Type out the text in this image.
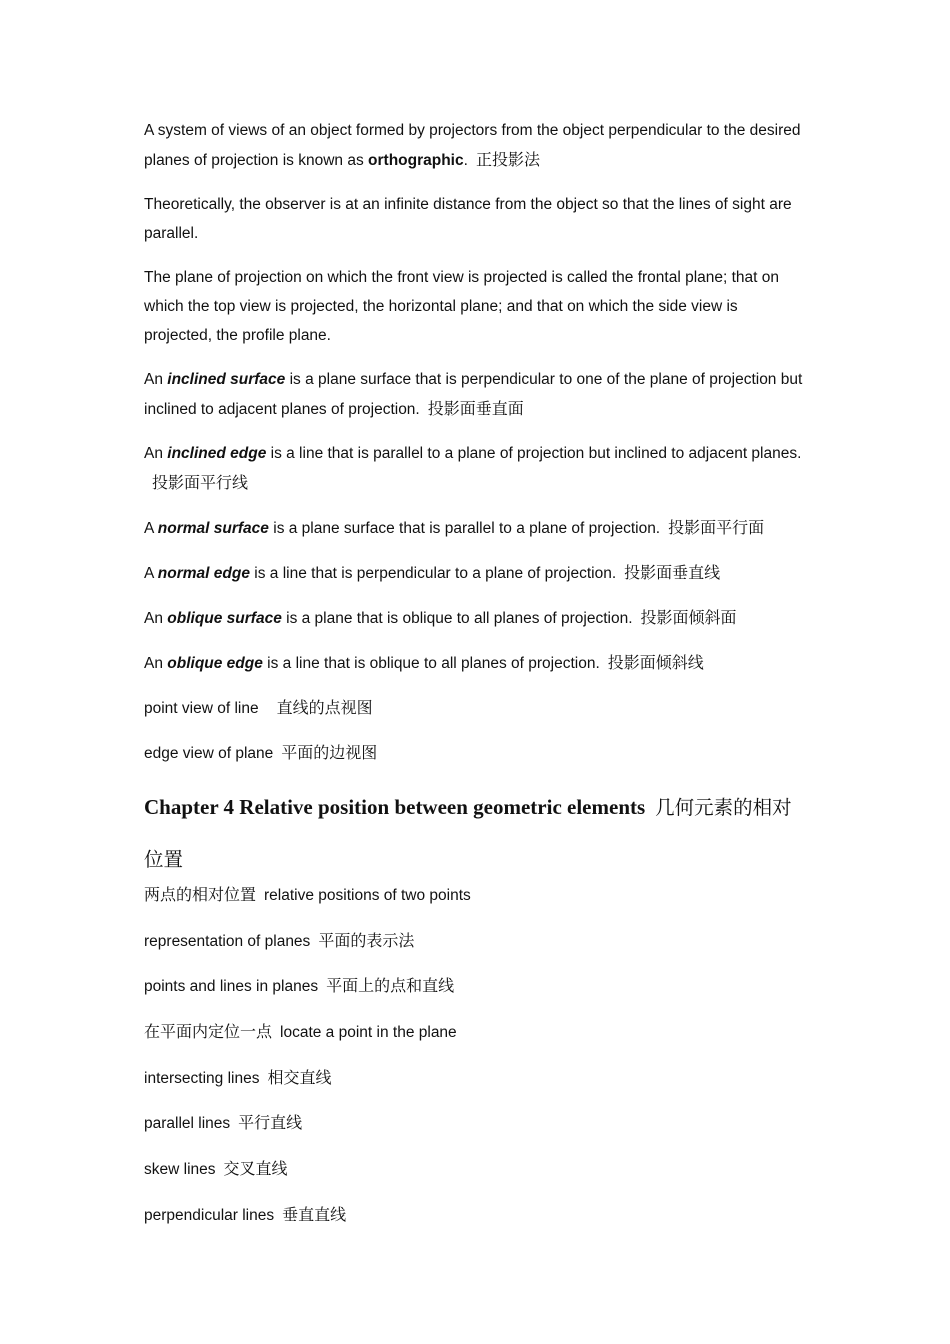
A system of views of an object formed by projectors from the object perpendicular to the desired planes of projection is known as orthographic. 正投影法

Theoretically, the observer is at an infinite distance from the object so that the lines of sight are parallel.

The plane of projection on which the front view is projected is called the frontal plane; that on which the top view is projected, the horizontal plane; and that on which the side view is projected, the profile plane.

An inclined surface is a plane surface that is perpendicular to one of the plane of projection but inclined to adjacent planes of projection. 投影面垂直面

An inclined edge is a line that is parallel to a plane of projection but inclined to adjacent planes.投影面平行线

A normal surface is a plane surface that is parallel to a plane of projection. 投影面平行面

A normal edge is a line that is perpendicular to a plane of projection. 投影面垂直线

An oblique surface is a plane that is oblique to all planes of projection. 投影面倾斜面

An oblique edge is a line that is oblique to all planes of projection. 投影面倾斜线

point view of line 直线的点视图

edge view of plane 平面的边视图

Chapter 4 Relative position between geometric elements 几何元素的相对位置

两点的相对位置 relative positions of two points

representation of planes 平面的表示法

points and lines in planes 平面上的点和直线

在平面内定位一点 locate a point in the plane

intersecting lines 相交直线

parallel lines 平行直线

skew lines 交叉直线

perpendicular lines 垂直直线
